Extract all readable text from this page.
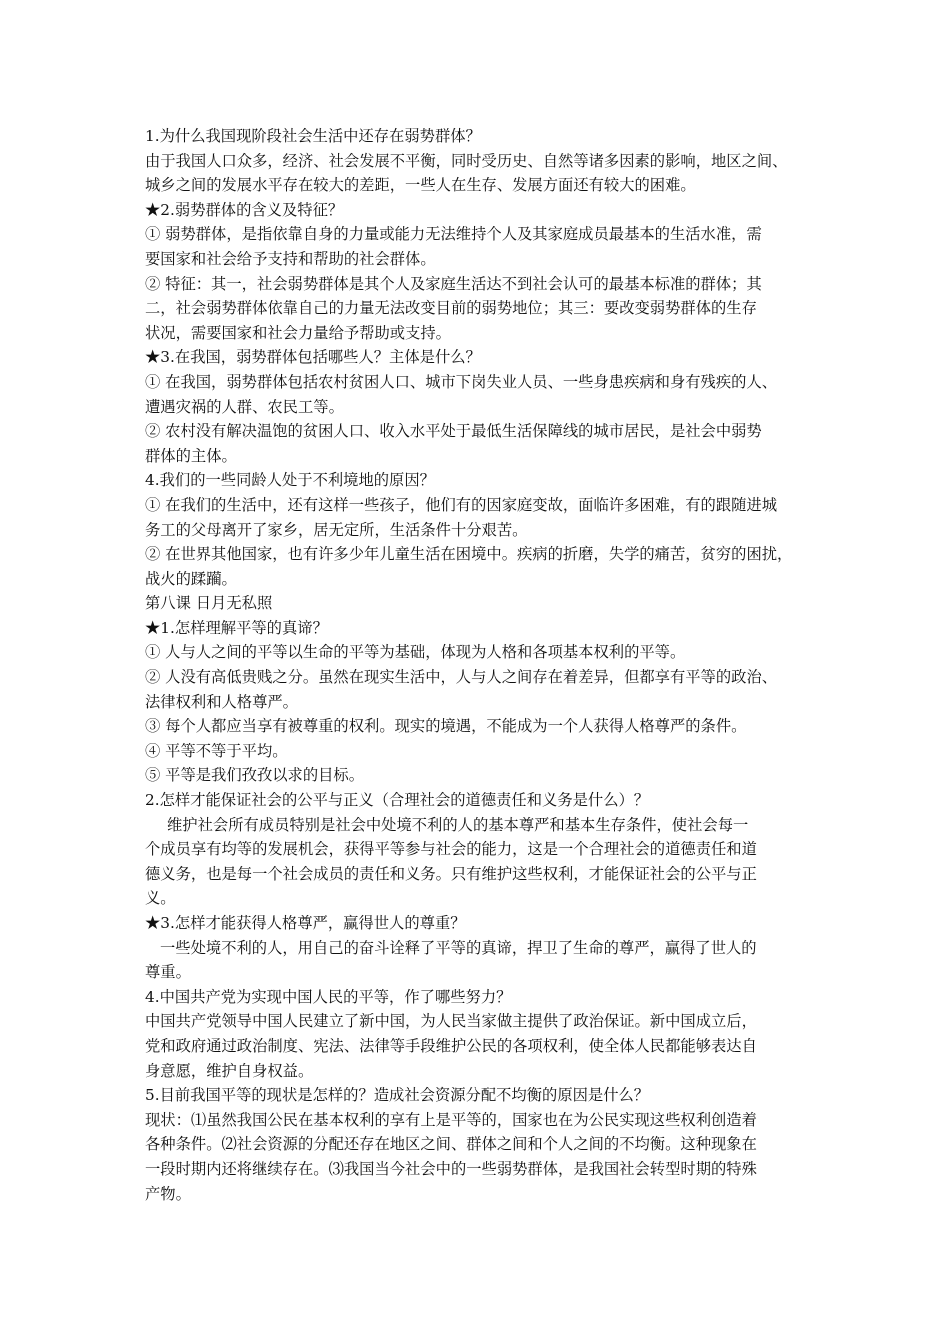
1.为什么我国现阶段社会生活中还存在弱势群体？
由于我国人口众多，经济、社会发展不平衡，同时受历史、自然等诸多因素的影响，地区之间、
城乡之间的发展水平存在较大的差距，一些人在生存、发展方面还有较大的困难。
★2.弱势群体的含义及特征？
① 弱势群体，是指依靠自身的力量或能力无法维持个人及其家庭成员最基本的生活水准，需
要国家和社会给予支持和帮助的社会群体。
② 特征：其一，社会弱势群体是其个人及家庭生活达不到社会认可的最基本标准的群体；其
二，社会弱势群体依靠自己的力量无法改变目前的弱势地位；其三：要改变弱势群体的生存
状况，需要国家和社会力量给予帮助或支持。
★3.在我国，弱势群体包括哪些人？主体是什么？
① 在我国，弱势群体包括农村贫困人口、城市下岗失业人员、一些身患疾病和身有残疾的人、
遭遇灾祸的人群、农民工等。
② 农村没有解决温饱的贫困人口、收入水平处于最低生活保障线的城市居民，是社会中弱势
群体的主体。
4.我们的一些同龄人处于不利境地的原因？
① 在我们的生活中，还有这样一些孩子，他们有的因家庭变故，面临许多困难，有的跟随进城
务工的父母离开了家乡，居无定所，生活条件十分艰苦。
② 在世界其他国家，也有许多少年儿童生活在困境中。疾病的折磨，失学的痛苦，贫穷的困扰，
战火的蹂躏。
第八课 日月无私照
★1.怎样理解平等的真谛？
① 人与人之间的平等以生命的平等为基础，体现为人格和各项基本权利的平等。
② 人没有高低贵贱之分。虽然在现实生活中，人与人之间存在着差异，但都享有平等的政治、
法律权利和人格尊严。
③ 每个人都应当享有被尊重的权利。现实的境遇，不能成为一个人获得人格尊严的条件。
④ 平等不等于平均。
⑤ 平等是我们孜孜以求的目标。
2.怎样才能保证社会的公平与正义（合理社会的道德责任和义务是什么）？
维护社会所有成员特别是社会中处境不利的人的基本尊严和基本生存条件，使社会每一
个成员享有均等的发展机会，获得平等参与社会的能力，这是一个合理社会的道德责任和道
德义务，也是每一个社会成员的责任和义务。只有维护这些权利，才能保证社会的公平与正
义。
★3.怎样才能获得人格尊严，赢得世人的尊重？
一些处境不利的人，用自己的奋斗诠释了平等的真谛，捍卫了生命的尊严，赢得了世人的
尊重。
4.中国共产党为实现中国人民的平等，作了哪些努力？
中国共产党领导中国人民建立了新中国，为人民当家做主提供了政治保证。新中国成立后，
党和政府通过政治制度、宪法、法律等手段维护公民的各项权利，使全体人民都能够表达自
身意愿，维护自身权益。
5.目前我国平等的现状是怎样的？造成社会资源分配不均衡的原因是什么？
现状：⑴虽然我国公民在基本权利的享有上是平等的，国家也在为公民实现这些权利创造着
各种条件。⑵社会资源的分配还存在地区之间、群体之间和个人之间的不均衡。这种现象在
一段时期内还将继续存在。⑶我国当今社会中的一些弱势群体，是我国社会转型时期的特殊
产物。
